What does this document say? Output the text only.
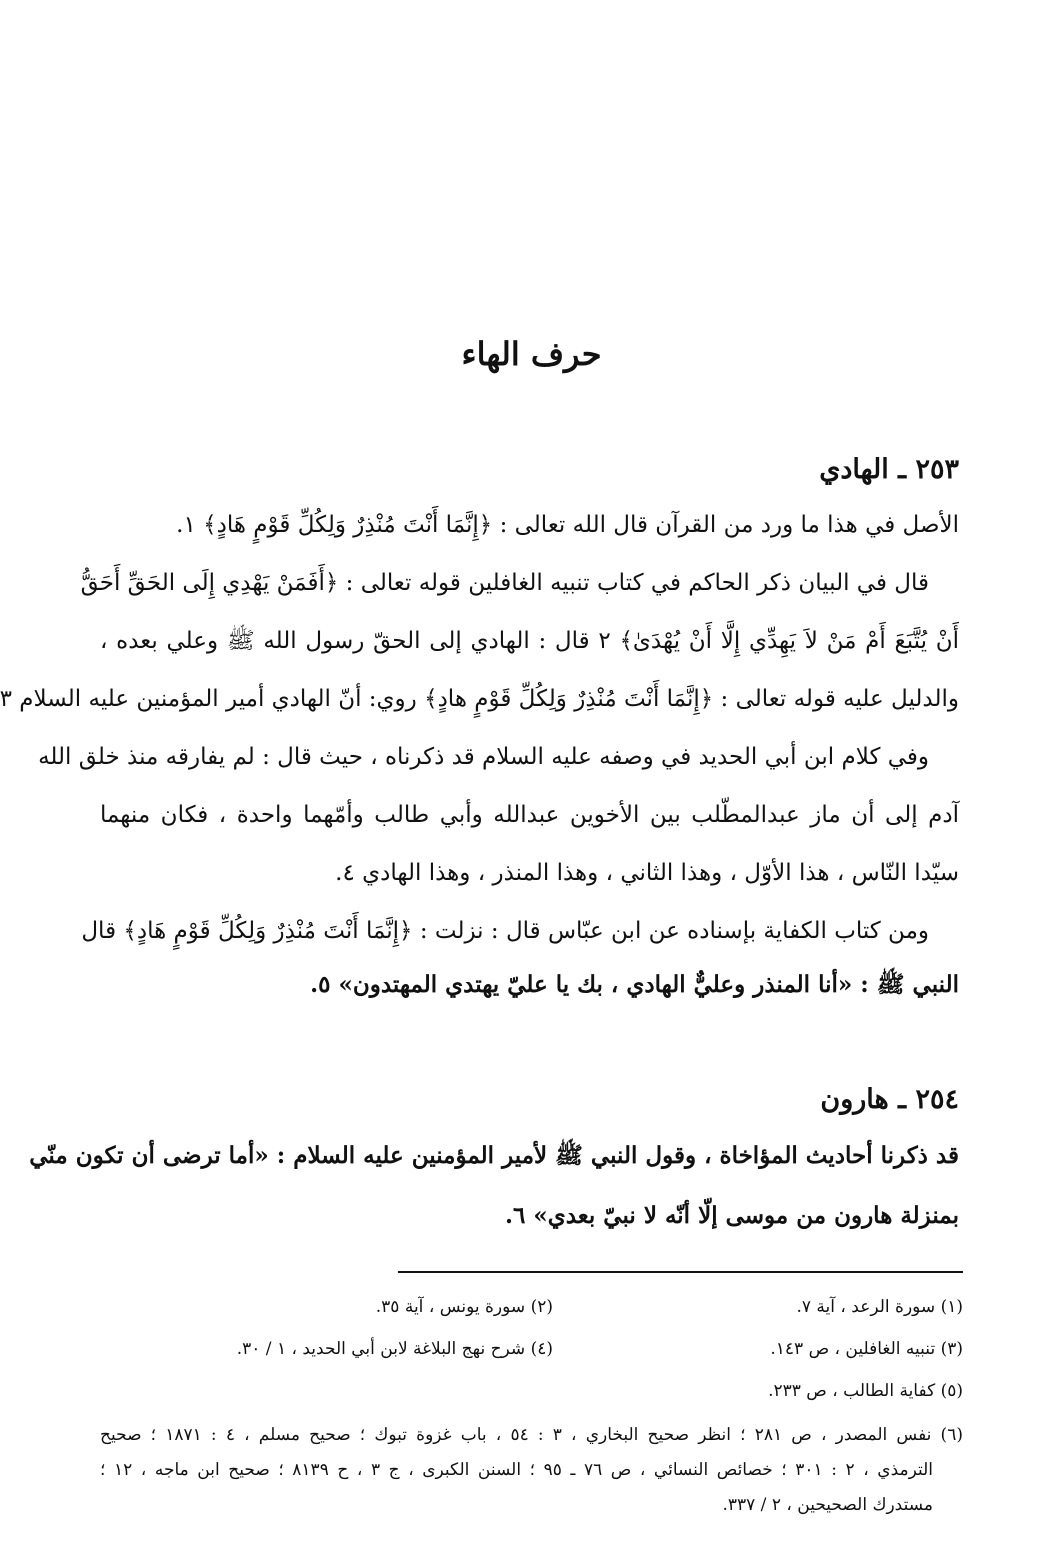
حرف الهاء
٢٥٣ ـ الهادي
الأصل في هذا ما ورد من القرآن قال الله تعالى : ﴿إِنَّمَا أَنْتَ مُنْذِرٌ وَلِكُلِّ قَوْمٍ هَادٍ﴾ ١.
قال في البيان ذكر الحاكم في كتاب تنبيه الغافلين قوله تعالى : ﴿أَفَمَنْ يَهْدِي إِلَى الحَقِّ أَحَقُّ
أَنْ يُتَّبَعَ أَمْ مَنْ لاَ يَهِدِّي إِلَّا أَنْ يُهْدَىٰ﴾ ٢ قال : الهادي إلى الحقّ رسول الله ﷺ وعلي بعده ،
والدليل عليه قوله تعالى : ﴿إِنَّمَا أَنْتَ مُنْذِرٌ وَلِكُلِّ قَوْمٍ هادٍ﴾ روي: أنّ الهادي أمير المؤمنين عليه السلام ٣
وفي كلام ابن أبي الحديد في وصفه عليه السلام قد ذكرناه ، حيث قال : لم يفارقه منذ خلق الله
آدم إلى أن ماز عبدالمطّلب بين الأخوين عبدالله وأبي طالب وأمّهما واحدة ، فكان منهما
سيّدا النّاس ، هذا الأوّل ، وهذا الثاني ، وهذا المنذر ، وهذا الهادي ٤.
ومن كتاب الكفاية بإسناده عن ابن عبّاس قال : نزلت : ﴿إِنَّمَا أَنْتَ مُنْذِرٌ وَلِكُلِّ قَوْمٍ هَادٍ﴾ قال
النبي ﷺ : «أنا المنذر وعليٌّ الهادي ، بك يا عليّ يهتدي المهتدون» ٥.
٢٥٤ ـ هارون
قد ذكرنا أحاديث المؤاخاة ، وقول النبي ﷺ لأمير المؤمنين عليه السلام : «أما ترضى أن تكون منّي
بمنزلة هارون من موسى إلّا أنّه لا نبيّ بعدي» ٦.
(١) سورة الرعد ، آية ٧.
(٢) سورة يونس ، آية ٣٥.
(٣) تنبيه الغافلين ، ص ١٤٣.
(٤) شرح نهج البلاغة لابن أبي الحديد ، ١ / ٣٠.
(٥) كفاية الطالب ، ص ٢٣٣.
(٦) نفس المصدر ، ص ٢٨١ ؛ انظر صحيح البخاري ، ٣ : ٥٤ ، باب غزوة تبوك ؛ صحيح مسلم ، ٤ : ١٨٧١ ؛ صحيح
الترمذي ، ٢ : ٣٠١ ؛ خصائص النسائي ، ص ٧٦ ـ ٩٥ ؛ السنن الكبرى ، ج ٣ ، ح ٨١٣٩ ؛ صحيح ابن ماجه ، ١٢ ؛
مستدرك الصحيحين ، ٢ / ٣٣٧.
